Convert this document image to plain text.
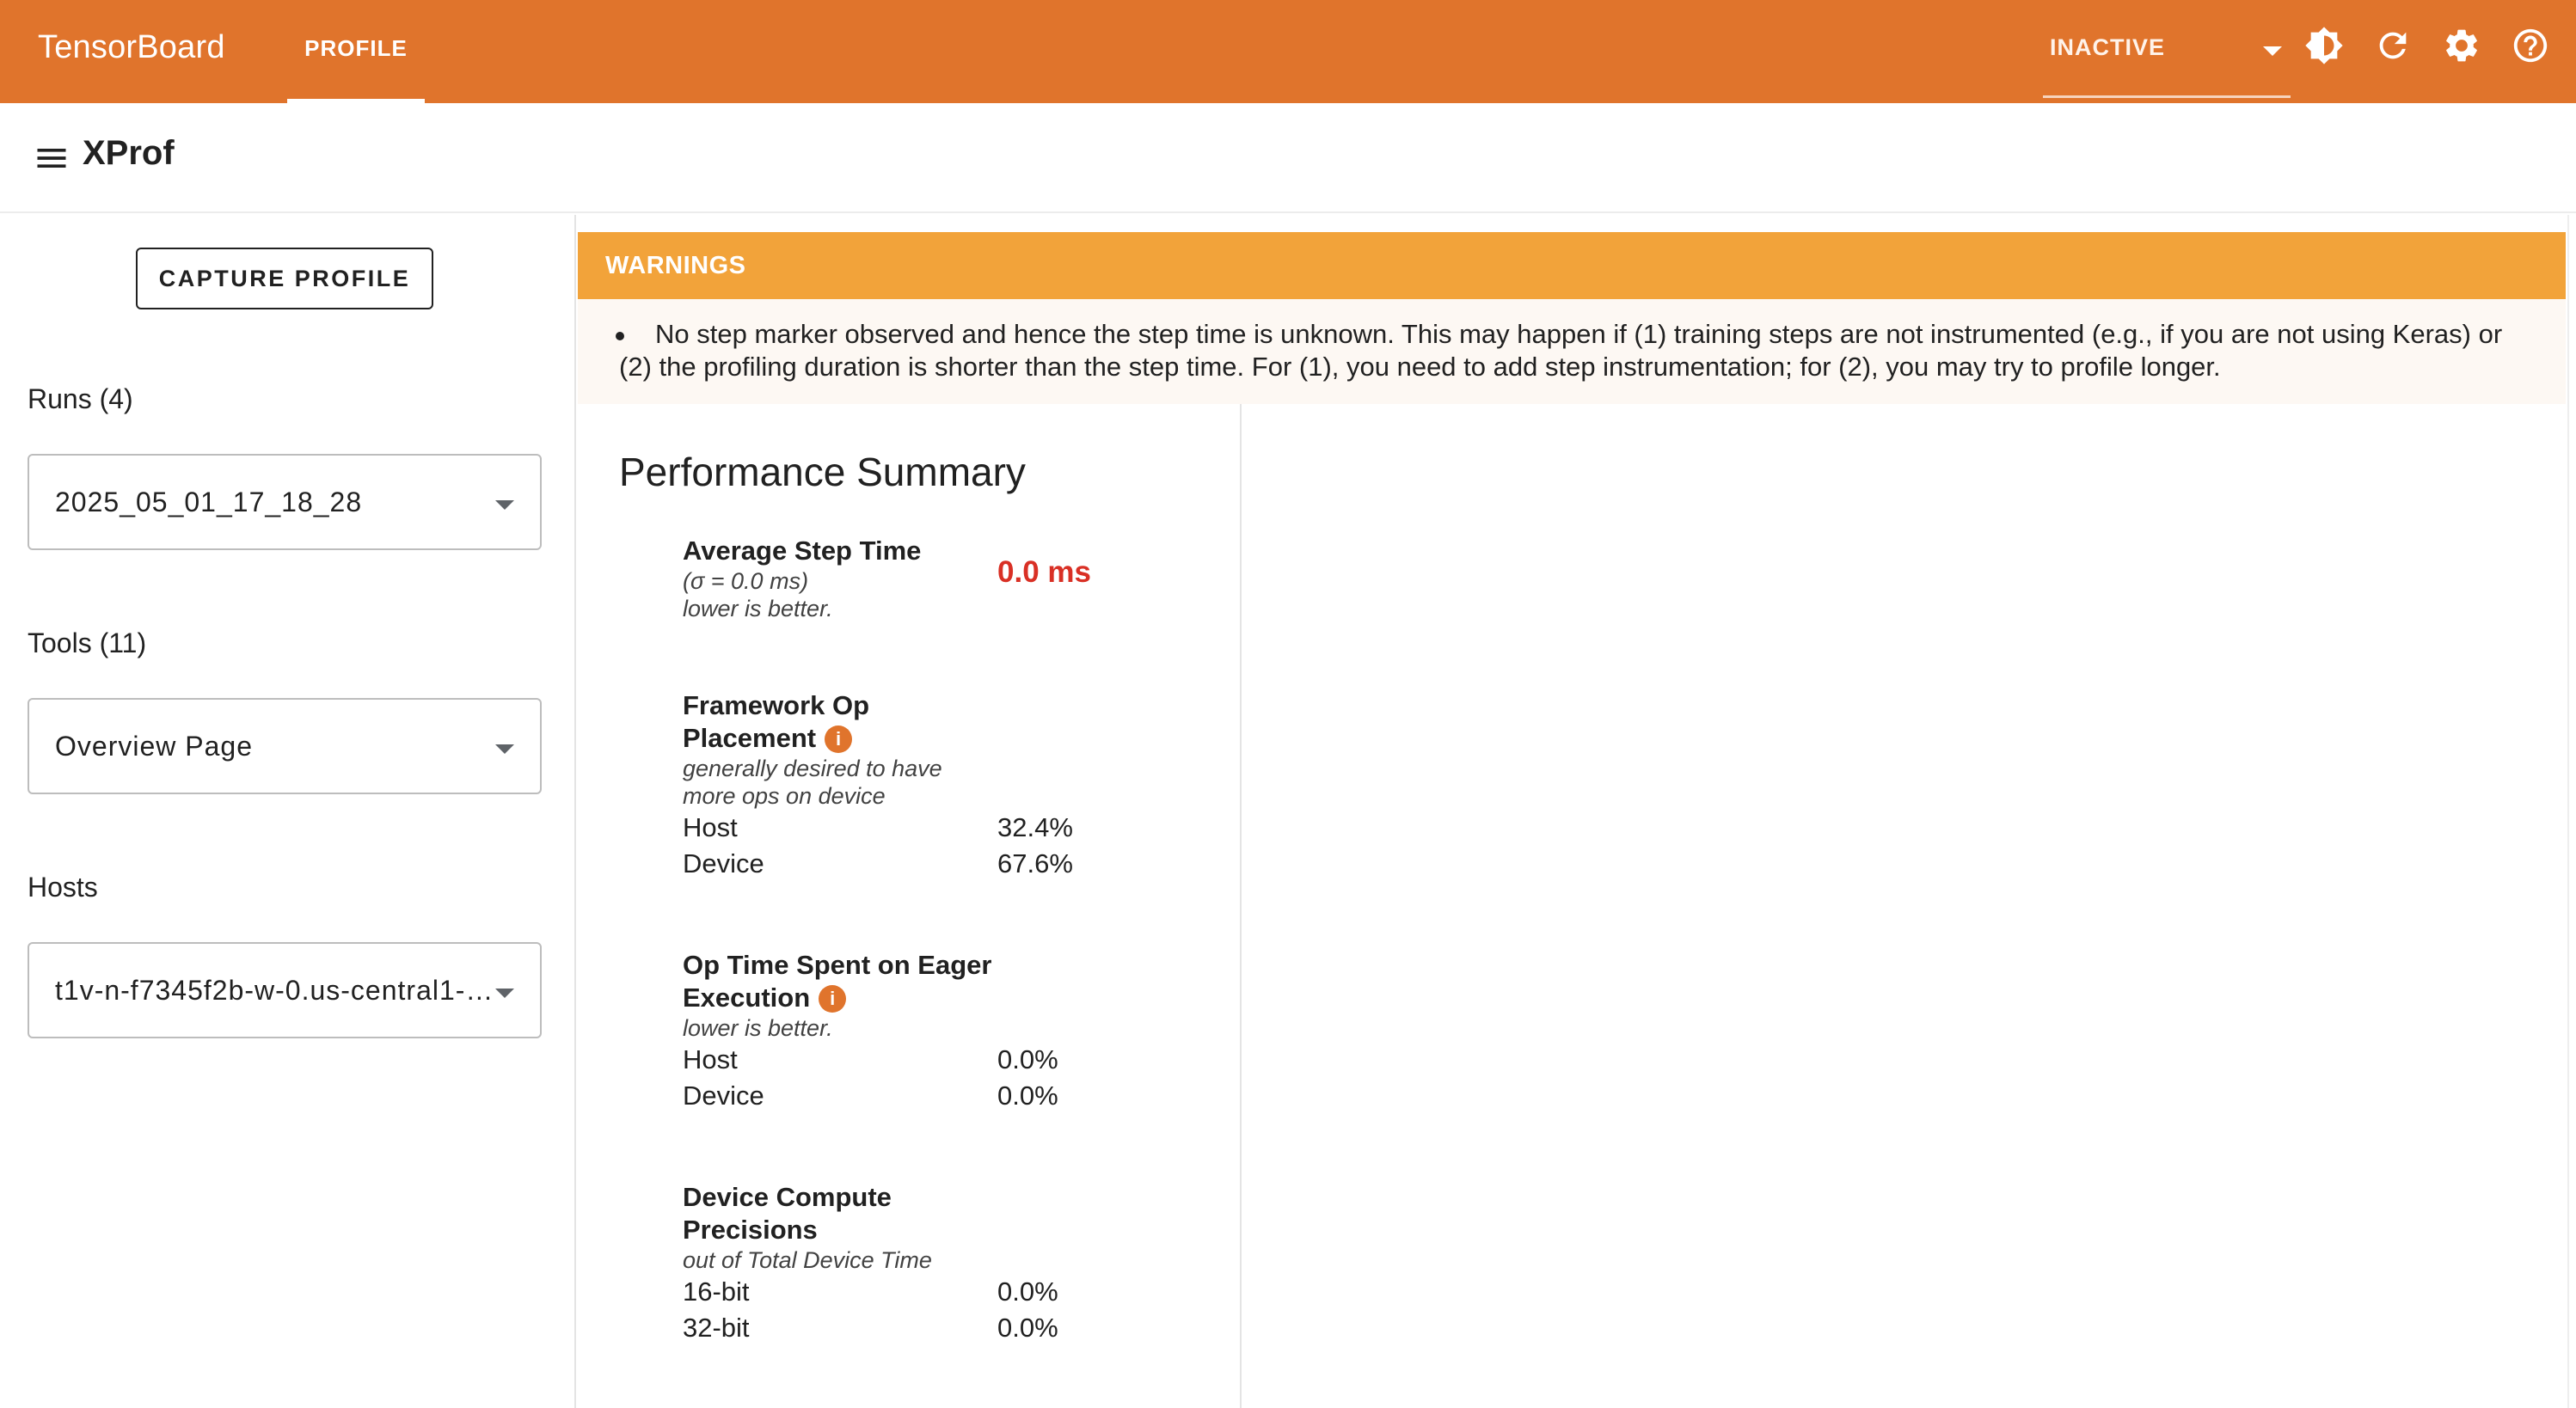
TensorBoard	PROFILE	INACTIVE
XProf
CAPTURE PROFILE
Runs (4)
2025_05_01_17_18_28
Tools (11)
Overview Page
Hosts
t1v-n-f7345f2b-w-0.us-central1-…
WARNINGS
No step marker observed and hence the step time is unknown. This may happen if (1) training steps are not instrumented (e.g., if you are not using Keras) or (2) the profiling duration is shorter than the step time. For (1), you need to add step instrumentation; for (2), you may try to profile longer.
Performance Summary
Average Step Time
(σ = 0.0 ms)
lower is better.
0.0 ms
Framework Op
Placement i
generally desired to have
more ops on device
Host	32.4%
Device	67.6%
Op Time Spent on Eager
Execution i
lower is better.
Host	0.0%
Device	0.0%
Device Compute
Precisions
out of Total Device Time
16-bit	0.0%
32-bit	0.0%
